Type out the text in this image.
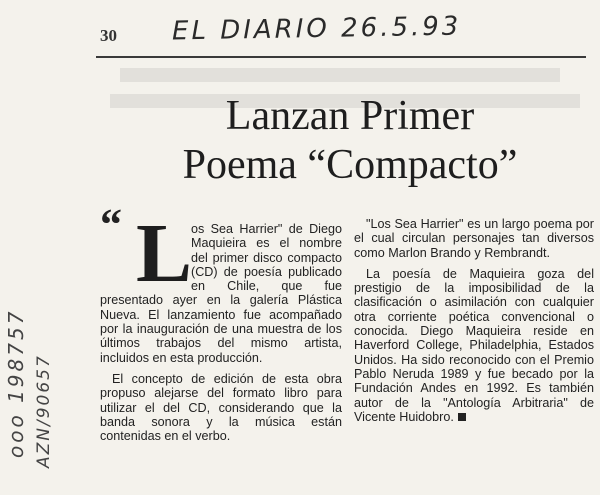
30 EL DIARIO 26.5.93
Lanzan Primer
Poema “Compacto”
ooo 198757 AZN/90657
“ L

os Sea Harrier" de Diego Maquieira es el nombre del primer disco compacto (CD) de poesía publicado en Chile, que fue presentado ayer en la galería Plástica Nueva. El lanzamiento fue acompañado por la inauguración de una muestra de los últimos trabajos del mismo artista, incluidos en esta producción.

El concepto de edición de esta obra propuso alejarse del formato libro para utilizar el del CD, considerando que la banda sonora y la música están contenidas en el verbo.

"Los Sea Harrier" es un largo poema por el cual circulan personajes tan diversos como Marlon Brando y Rembrandt.

La poesía de Maquieira goza del prestigio de la imposibilidad de la clasificación o asimilación con cualquier otra corriente poética convencional o conocida. Diego Maquieira reside en Haverford College, Philadelphia, Estados Unidos. Ha sido reconocido con el Premio Pablo Neruda 1989 y fue becado por la Fundación Andes en 1992. Es también autor de la "Antología Arbitraria" de Vicente Huidobro.
